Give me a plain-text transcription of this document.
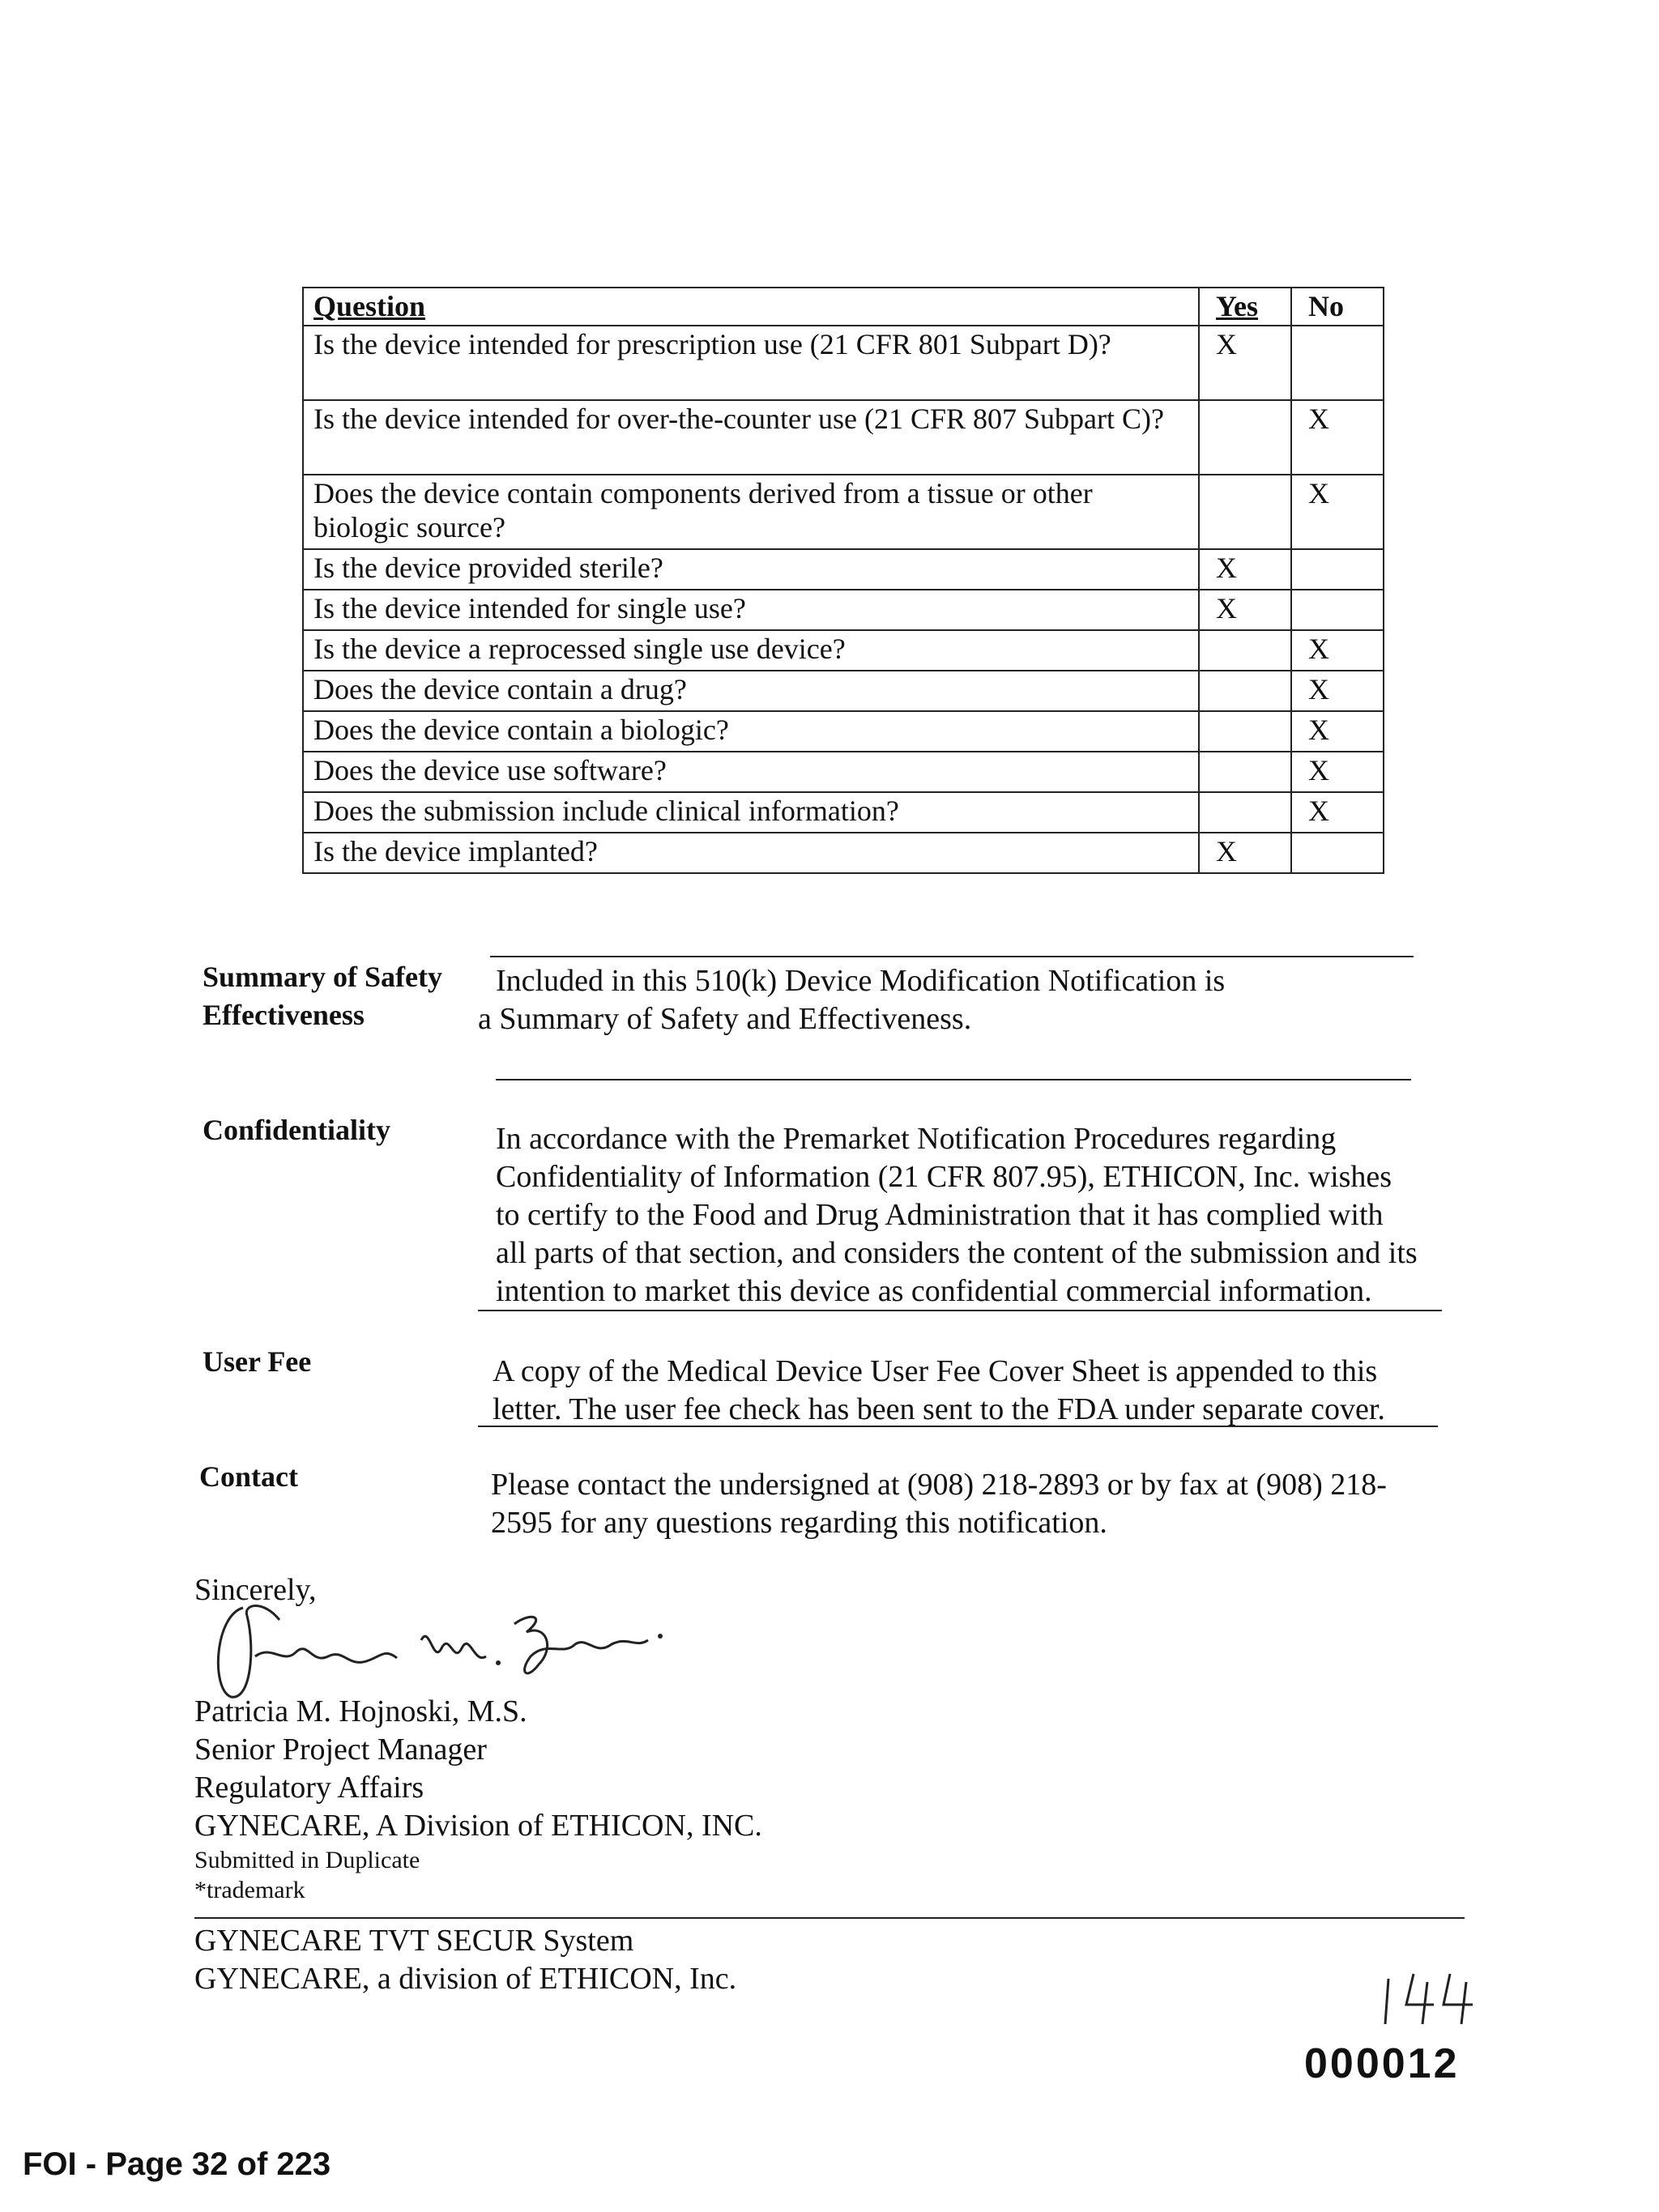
Question	Yes	No
Is the device intended for prescription use (21 CFR 801 Subpart D)?	X	
Is the device intended for over-the-counter use (21 CFR 807 Subpart C)?		X
Does the device contain components derived from a tissue or other biologic source?		X
Is the device provided sterile?	X	
Is the device intended for single use?	X	
Is the device a reprocessed single use device?		X
Does the device contain a drug?		X
Does the device contain a biologic?		X
Does the device use software?		X
Does the submission include clinical information?		X
Is the device implanted?	X	
Summary of Safety
Effectiveness
Included in this 510(k) Device Modification Notification is
a Summary of Safety and Effectiveness.
Confidentiality	In accordance with the Premarket Notification Procedures regarding
Confidentiality of Information (21 CFR 807.95), ETHICON, Inc. wishes
to certify to the Food and Drug Administration that it has complied with
all parts of that section, and considers the content of the submission and its
intention to market this device as confidential commercial information.
User Fee	A copy of the Medical Device User Fee Cover Sheet is appended to this
letter. The user fee check has been sent to the FDA under separate cover.
Contact	Please contact the undersigned at (908) 218-2893 or by fax at (908) 218-
2595 for any questions regarding this notification.
Sincerely,
Patricia M. Hojnoski, M.S.
Senior Project Manager
Regulatory Affairs
GYNECARE, A Division of ETHICON, INC.
Submitted in Duplicate
*trademark
GYNECARE TVT SECUR System
GYNECARE, a division of ETHICON, Inc.
000012
FOI - Page 32 of 223
